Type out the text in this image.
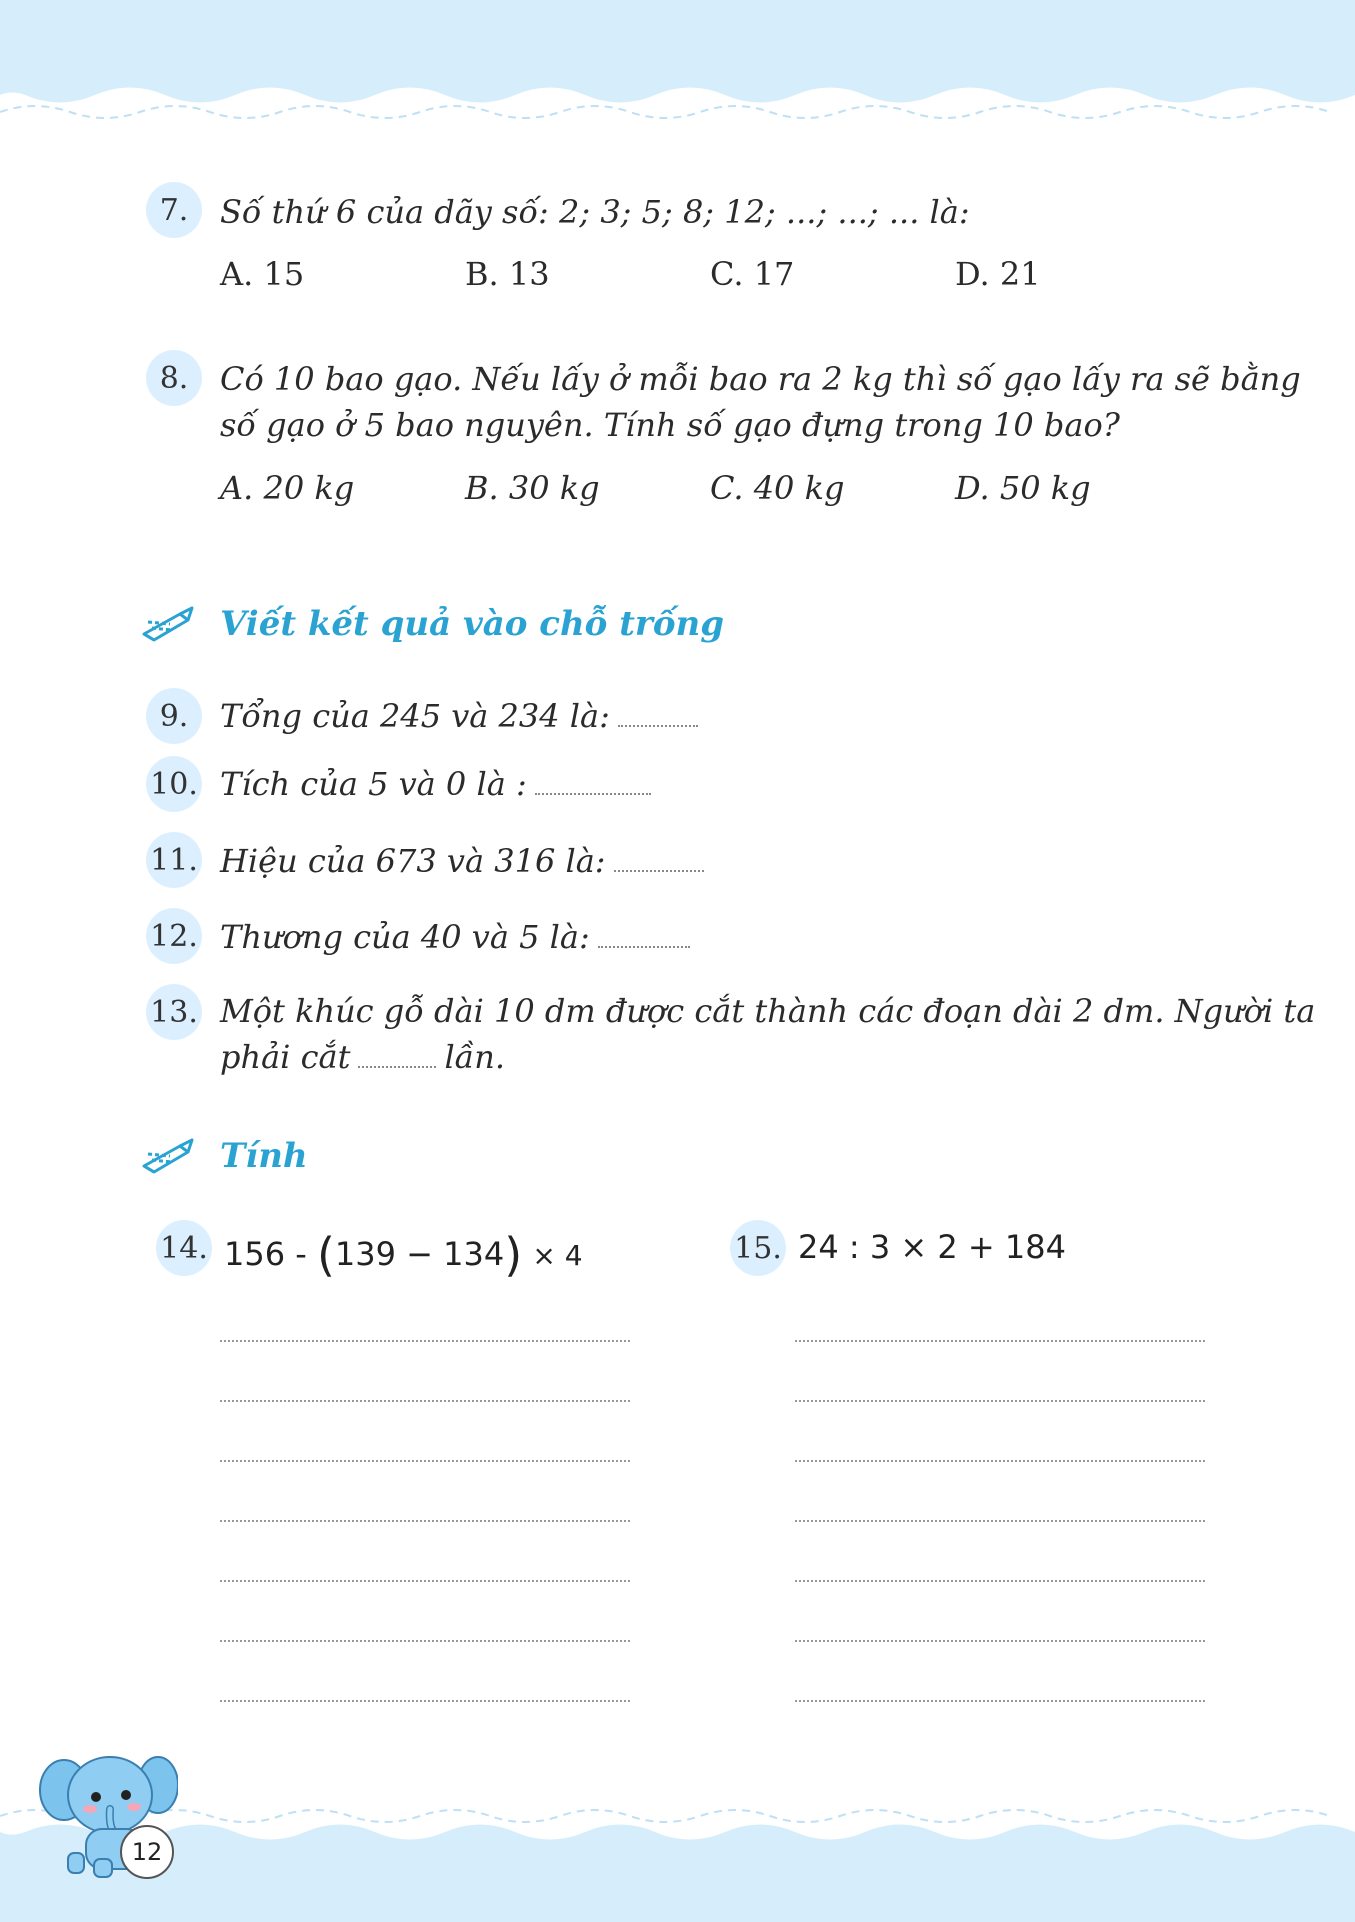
7. Số thứ 6 của dãy số: 2; 3; 5; 8; 12; ...; ...; ... là:
A. 15	B. 13	C. 17	D. 21
8. Có 10 bao gạo. Nếu lấy ở mỗi bao ra 2 kg thì số gạo lấy ra sẽ bằng
số gạo ở 5 bao nguyên. Tính số gạo đựng trong 10 bao?
A. 20 kg	B. 30 kg	C. 40 kg	D. 50 kg
Viết kết quả vào chỗ trống
9. Tổng của 245 và 234 là:
10. Tích của 5 và 0 là :
11. Hiệu của 673 và 316 là:
12. Thương của 40 và 5 là:
13. Một khúc gỗ dài 10 dm được cắt thành các đoạn dài 2 dm. Người ta
phải cắt	lần.
Tính
14. 156 - (139 − 134) × 4	15. 24 : 3 × 2 + 184
12
